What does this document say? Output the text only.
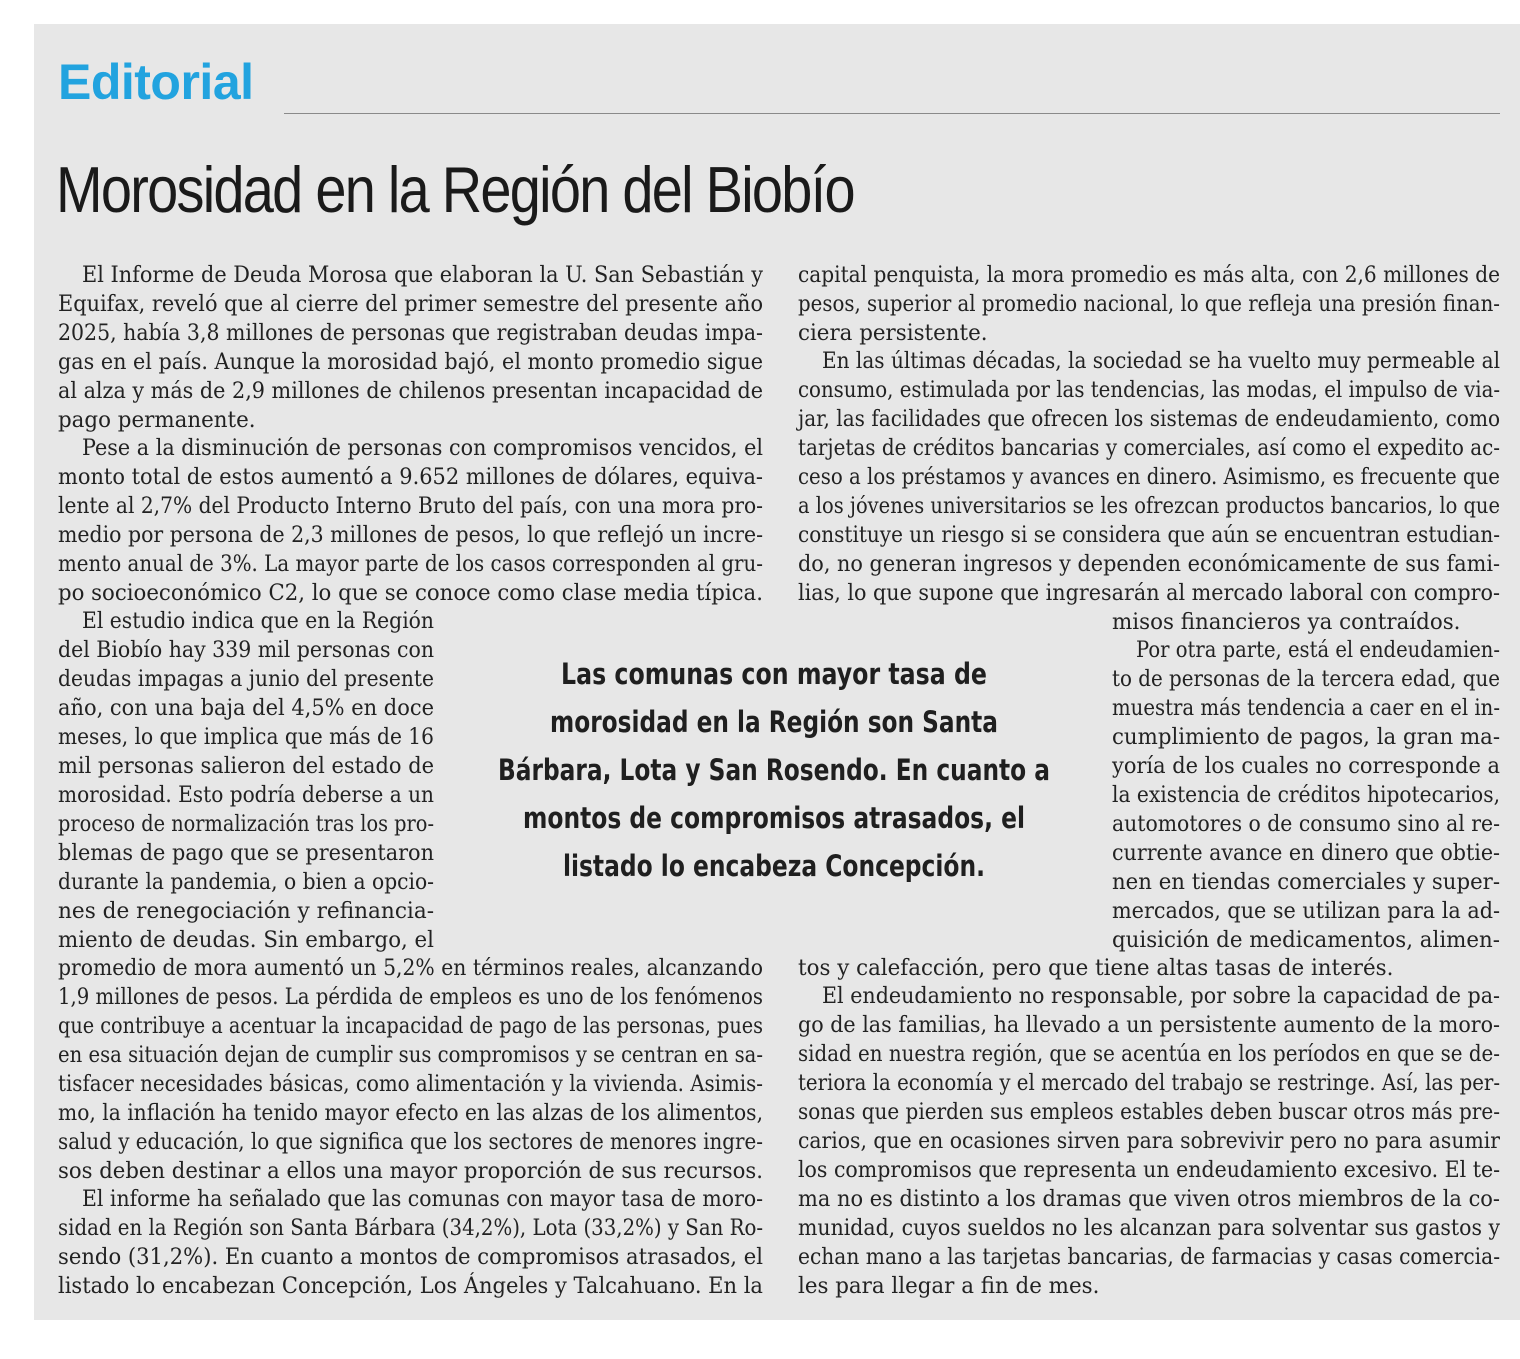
Editorial
Morosidad en la Región del Biobío

Las comunas con mayor tasa de

morosidad en la Región son Santa

Bárbara, Lota y San Rosendo. En cuanto a

montos de compromisos atrasados, el

listado lo encabeza Concepción.

El Informe de Deuda Morosa que elaboran la U. San Sebastián y

Equifax, reveló que al cierre del primer semestre del presente año

2025, había 3,8 millones de personas que registraban deudas impa-

gas en el país. Aunque la morosidad bajó, el monto promedio sigue

al alza y más de 2,9 millones de chilenos presentan incapacidad de

pago permanente.

Pese a la disminución de personas con compromisos vencidos, el

monto total de estos aumentó a 9.652 millones de dólares, equiva-

lente al 2,7% del Producto Interno Bruto del país, con una mora pro-

medio por persona de 2,3 millones de pesos, lo que reflejó un incre-

mento anual de 3%. La mayor parte de los casos corresponden al gru-

po socioeconómico C2, lo que se conoce como clase media típica.

El estudio indica que en la Región

del Biobío hay 339 mil personas con

deudas impagas a junio del presente

año, con una baja del 4,5% en doce

meses, lo que implica que más de 16

mil personas salieron del estado de

morosidad. Esto podría deberse a un

proceso de normalización tras los pro-

blemas de pago que se presentaron

durante la pandemia, o bien a opcio-

nes de renegociación y refinancia-

miento de deudas. Sin embargo, el

promedio de mora aumentó un 5,2% en términos reales, alcanzando

1,9 millones de pesos. La pérdida de empleos es uno de los fenómenos

que contribuye a acentuar la incapacidad de pago de las personas, pues

en esa situación dejan de cumplir sus compromisos y se centran en sa-

tisfacer necesidades básicas, como alimentación y la vivienda. Asimis-

mo, la inflación ha tenido mayor efecto en las alzas de los alimentos,

salud y educación, lo que significa que los sectores de menores ingre-

sos deben destinar a ellos una mayor proporción de sus recursos.

El informe ha señalado que las comunas con mayor tasa de moro-

sidad en la Región son Santa Bárbara (34,2%), Lota (33,2%) y San Ro-

sendo (31,2%). En cuanto a montos de compromisos atrasados, el

listado lo encabezan Concepción, Los Ángeles y Talcahuano. En la

capital penquista, la mora promedio es más alta, con 2,6 millones de

pesos, superior al promedio nacional, lo que refleja una presión finan-

ciera persistente.

En las últimas décadas, la sociedad se ha vuelto muy permeable al

consumo, estimulada por las tendencias, las modas, el impulso de via-

jar, las facilidades que ofrecen los sistemas de endeudamiento, como

tarjetas de créditos bancarias y comerciales, así como el expedito ac-

ceso a los préstamos y avances en dinero. Asimismo, es frecuente que

a los jóvenes universitarios se les ofrezcan productos bancarios, lo que

constituye un riesgo si se considera que aún se encuentran estudian-

do, no generan ingresos y dependen económicamente de sus fami-

lias, lo que supone que ingresarán al mercado laboral con compro-

misos financieros ya contraídos.

Por otra parte, está el endeudamien-

to de personas de la tercera edad, que

muestra más tendencia a caer en el in-

cumplimiento de pagos, la gran ma-

yoría de los cuales no corresponde a

la existencia de créditos hipotecarios,

automotores o de consumo sino al re-

currente avance en dinero que obtie-

nen en tiendas comerciales y super-

mercados, que se utilizan para la ad-

quisición de medicamentos, alimen-

tos y calefacción, pero que tiene altas tasas de interés.

El endeudamiento no responsable, por sobre la capacidad de pa-

go de las familias, ha llevado a un persistente aumento de la moro-

sidad en nuestra región, que se acentúa en los períodos en que se de-

teriora la economía y el mercado del trabajo se restringe. Así, las per-

sonas que pierden sus empleos estables deben buscar otros más pre-

carios, que en ocasiones sirven para sobrevivir pero no para asumir

los compromisos que representa un endeudamiento excesivo. El te-

ma no es distinto a los dramas que viven otros miembros de la co-

munidad, cuyos sueldos no les alcanzan para solventar sus gastos y

echan mano a las tarjetas bancarias, de farmacias y casas comercia-

les para llegar a fin de mes.
